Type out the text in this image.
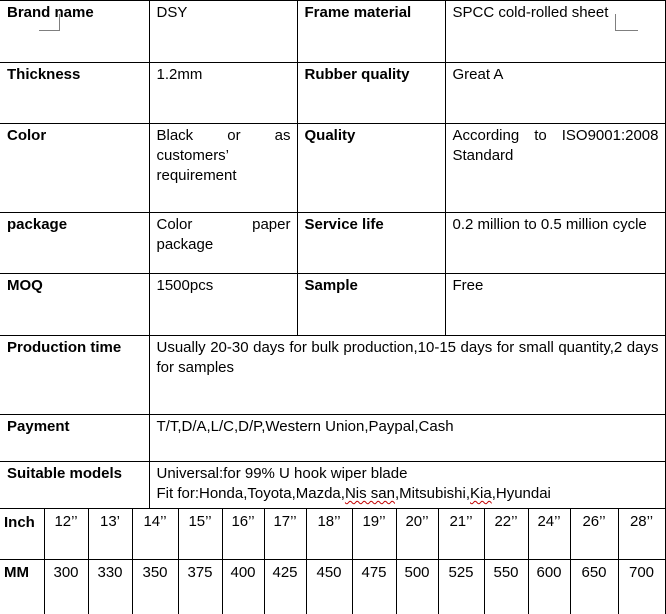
Brand name	DSY	Frame material	SPCC cold-rolled sheet
Thickness	1.2mm	Rubber quality	Great A
Color	Black or as customers’ requirement	Quality	According to ISO9001:2008 Standard
package	Color paper package	Service life	0.2 million to 0.5 million cycle
MOQ	1500pcs	Sample	Free
Production time	Usually 20-30 days for bulk production,10-15 days for small quantity,2 days for samples		
Payment	T/T,D/A,L/C,D/P,Western Union,Paypal,Cash		
Suitable models	Universal:for 99% U hook wiper blade
Fit for:Honda,Toyota,Mazda,Nis san,Mitsubishi,Kia,Hyundai		
Inch	12’’	13’	14’’	15’’	16’’	17’’	18’’	19’’	20’’	21’’	22’’	24’’	26’’	28’’
MM	300	330	350	375	400	425	450	475	500	525	550	600	650	700
